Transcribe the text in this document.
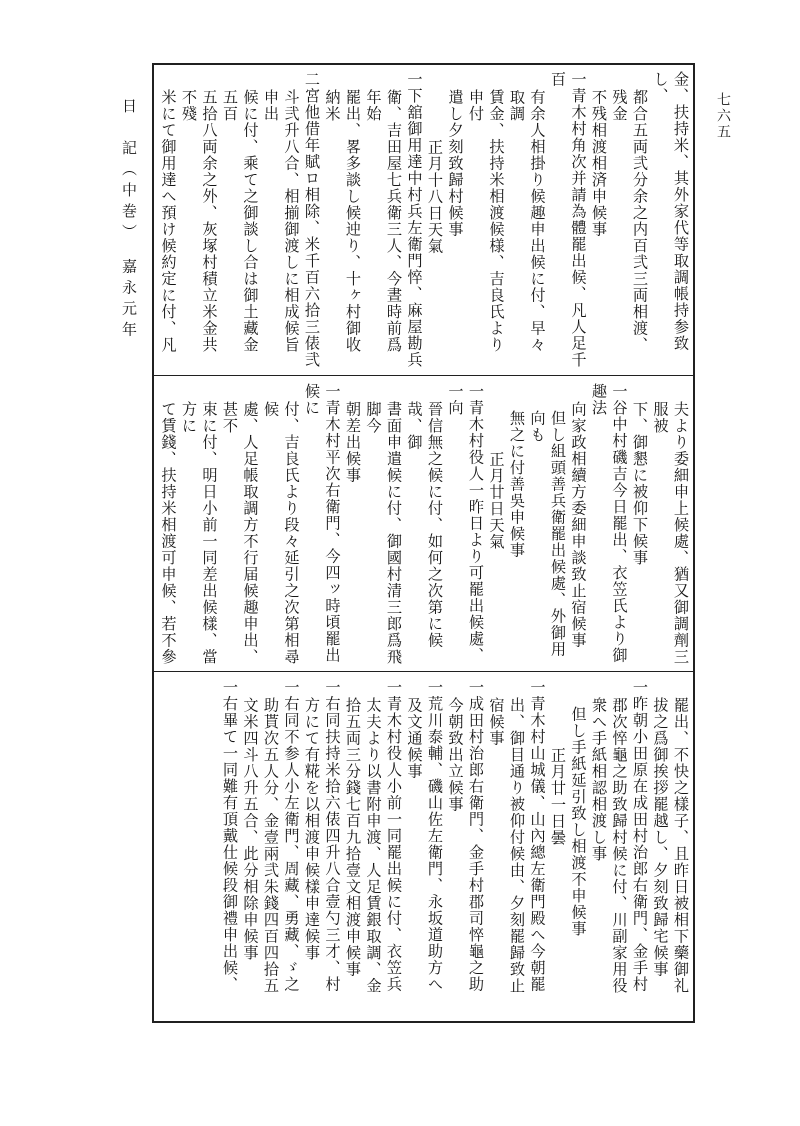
日　記（中巻）　嘉永元年	七六五

金、扶持米、其外家代等取調帳持参致し、

都合五両弐分余之内百弐三両相渡、残金

不残相渡相済申候事

一青木村角次并請為體罷出候、凡人足千百

有余人相掛り候趣申出候に付、早々取調

賃金、扶持米相渡候様、吉良氏より申付

遣し夕刻致歸村候事

正月十八日天氣

一下舘御用達中村兵左衛門悴、麻屋勘兵

衛、吉田屋七兵衛三人、今晝時前爲年始

罷出、畧多談し候迚り、十ヶ村御收納米

二宮他借年賦ロ相除、米千百六拾三俵弐

斗弐升八合、相揃御渡しに相成候旨申出

候に付、乘て之御談し合は御土藏金五百

五拾八両余之外、灰塚村積立米金共不殘

米にて御用達へ預け候約定に付、凡

夫より委細申上候處、猶又御調劑三服被

下、御懇に被仰下候事

一谷中村磯吉今日罷出、衣笠氏より御趣法

向家政相續方委細申談致止宿候事

但し組頭善兵衛罷出候處、外御用向も

無之に付善吳申候事

正月廿日天氣

一青木村役人一昨日より可罷出候處、一向

晉信無之候に付、如何之次第に候哉、御

書面申遣候に付、御國村清三郎爲飛脚今

朝差出候事

一青木村平次右衛門、今四ッ時頃罷出候に

付、吉良氏より段々延引之次第相尋候

處、人足帳取調方不行届候趣申出、甚不

束に付、明日小前一同差出候樣、當方に

て賃錢、扶持米相渡可申候、若不參

罷出、不快之樣子、且昨日被相下藥御礼

拔之爲御挨拶罷越し、夕刻致歸宅候事

一昨朝小田原在成田村治郎右衛門、金手村

郡次悴龜之助致歸村候に付、川副家用役

衆へ手紙相認相渡し事

但し手紙延引致し相渡不申候事

正月廿一日曇

一青木村山城儀、山內總左衛門殿へ今朝罷

出、御目通り被仰付候由、夕刻罷歸致止

宿候事

一成田村治郎右衛門、金手村郡司悴龜之助

今朝致出立候事

一荒川泰輔、磯山佐左衛門、永坂道助方へ

及文通候事

一青木村役人小前一同罷出候に付、衣笠兵

太夫より以書附申渡、人足賃銀取調、金

拾五両三分錢七百九拾壹文相渡申候事

一右同扶持米拾六俵四升八合壹勺三才、村

方にて有糀を以相渡申候樣申達候事

一右同不参人小左衛門、周藏、勇藏、ゞ之

助貰次五人分、金壹兩弐朱錢四百四拾五

文米四斗八升五合、此分相除申候事

一右畢て一同難有頂戴仕候段御禮申出候、
